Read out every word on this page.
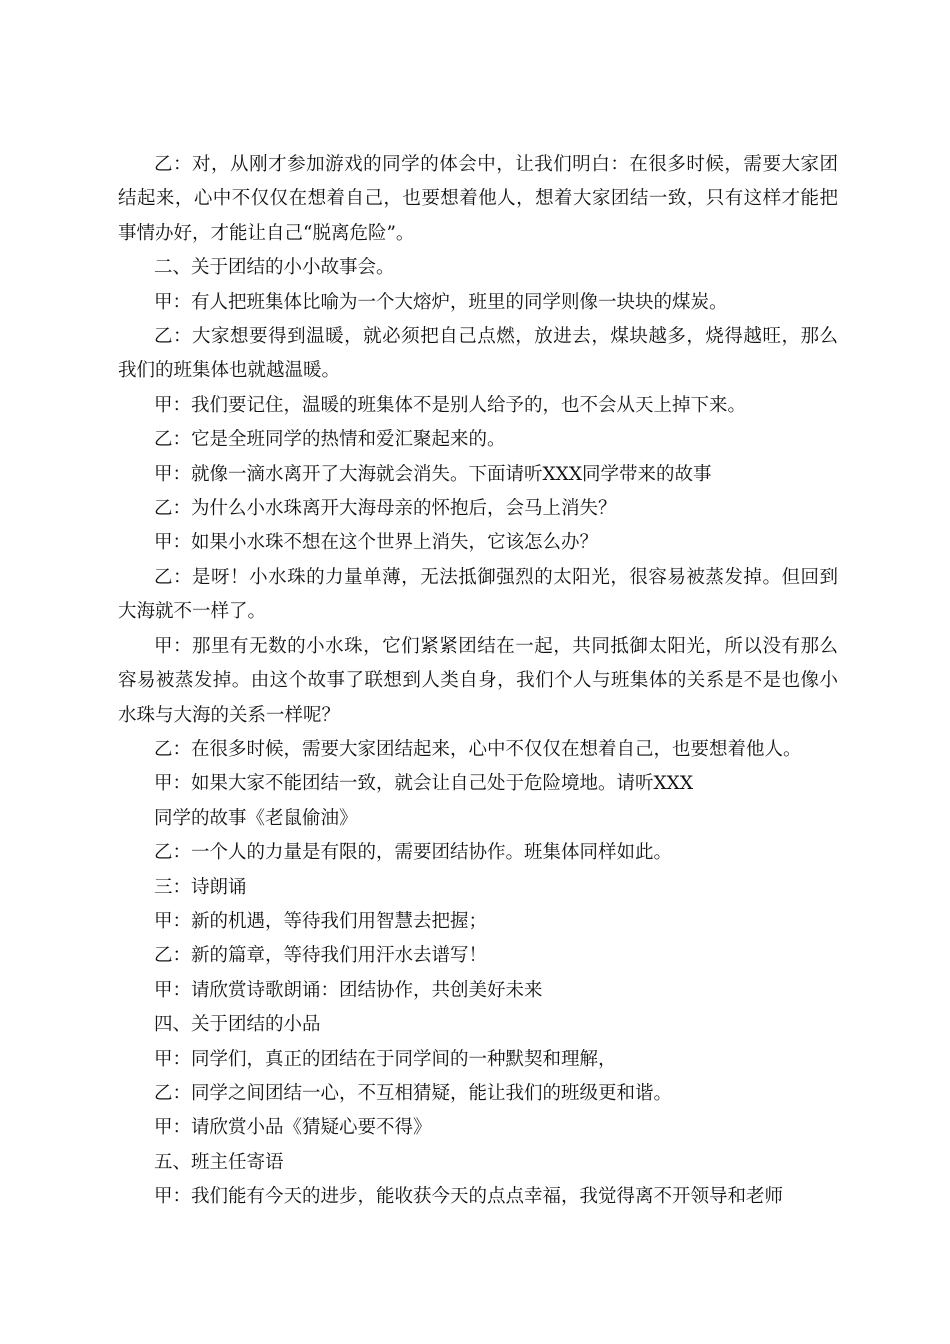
乙：对，从刚才参加游戏的同学的体会中，让我们明白：在很多时候，需要大家团结起来，心中不仅仅在想着自己，也要想着他人，想着大家团结一致，只有这样才能把事情办好，才能让自己“脱离危险”。

二、关于团结的小小故事会。

甲：有人把班集体比喻为一个大熔炉，班里的同学则像一块块的煤炭。

乙：大家想要得到温暖，就必须把自己点燃，放进去，煤块越多，烧得越旺，那么我们的班集体也就越温暖。

甲：我们要记住，温暖的班集体不是别人给予的，也不会从天上掉下来。

乙：它是全班同学的热情和爱汇聚起来的。

甲：就像一滴水离开了大海就会消失。下面请听XXX同学带来的故事

乙：为什么小水珠离开大海母亲的怀抱后，会马上消失？

甲：如果小水珠不想在这个世界上消失，它该怎么办？

乙：是呀！小水珠的力量单薄，无法抵御强烈的太阳光，很容易被蒸发掉。但回到大海就不一样了。

甲：那里有无数的小水珠，它们紧紧团结在一起，共同抵御太阳光，所以没有那么容易被蒸发掉。由这个故事了联想到人类自身，我们个人与班集体的关系是不是也像小水珠与大海的关系一样呢？

乙：在很多时候，需要大家团结起来，心中不仅仅在想着自己，也要想着他人。

甲：如果大家不能团结一致，就会让自己处于危险境地。请听XXX

同学的故事《老鼠偷油》

乙：一个人的力量是有限的，需要团结协作。班集体同样如此。

三：诗朗诵

甲：新的机遇，等待我们用智慧去把握；

乙：新的篇章，等待我们用汗水去谱写！

甲：请欣赏诗歌朗诵：团结协作，共创美好未来

四、关于团结的小品

甲：同学们，真正的团结在于同学间的一种默契和理解，

乙：同学之间团结一心，不互相猜疑，能让我们的班级更和谐。

甲：请欣赏小品《猜疑心要不得》

五、班主任寄语

甲：我们能有今天的进步，能收获今天的点点幸福，我觉得离不开领导和老师
